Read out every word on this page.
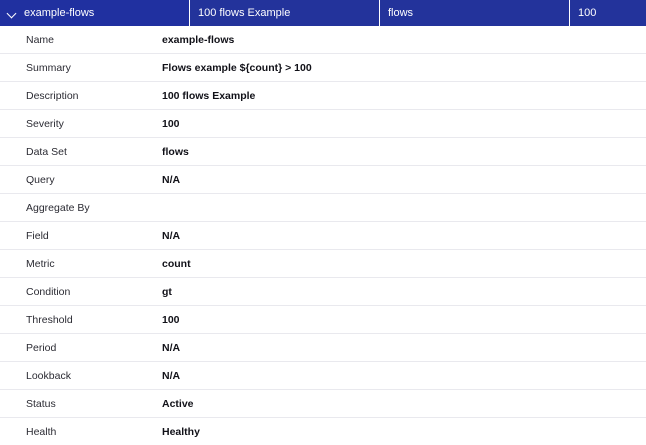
example-flows	100 flows Example	flows	100
Name	example-flows
Summary	Flows example ${count} > 100
Description	100 flows Example
Severity	100
Data Set	flows
Query	N/A
Aggregate By
Field	N/A
Metric	count
Condition	gt
Threshold	100
Period	N/A
Lookback	N/A
Status	Active
Health	Healthy
